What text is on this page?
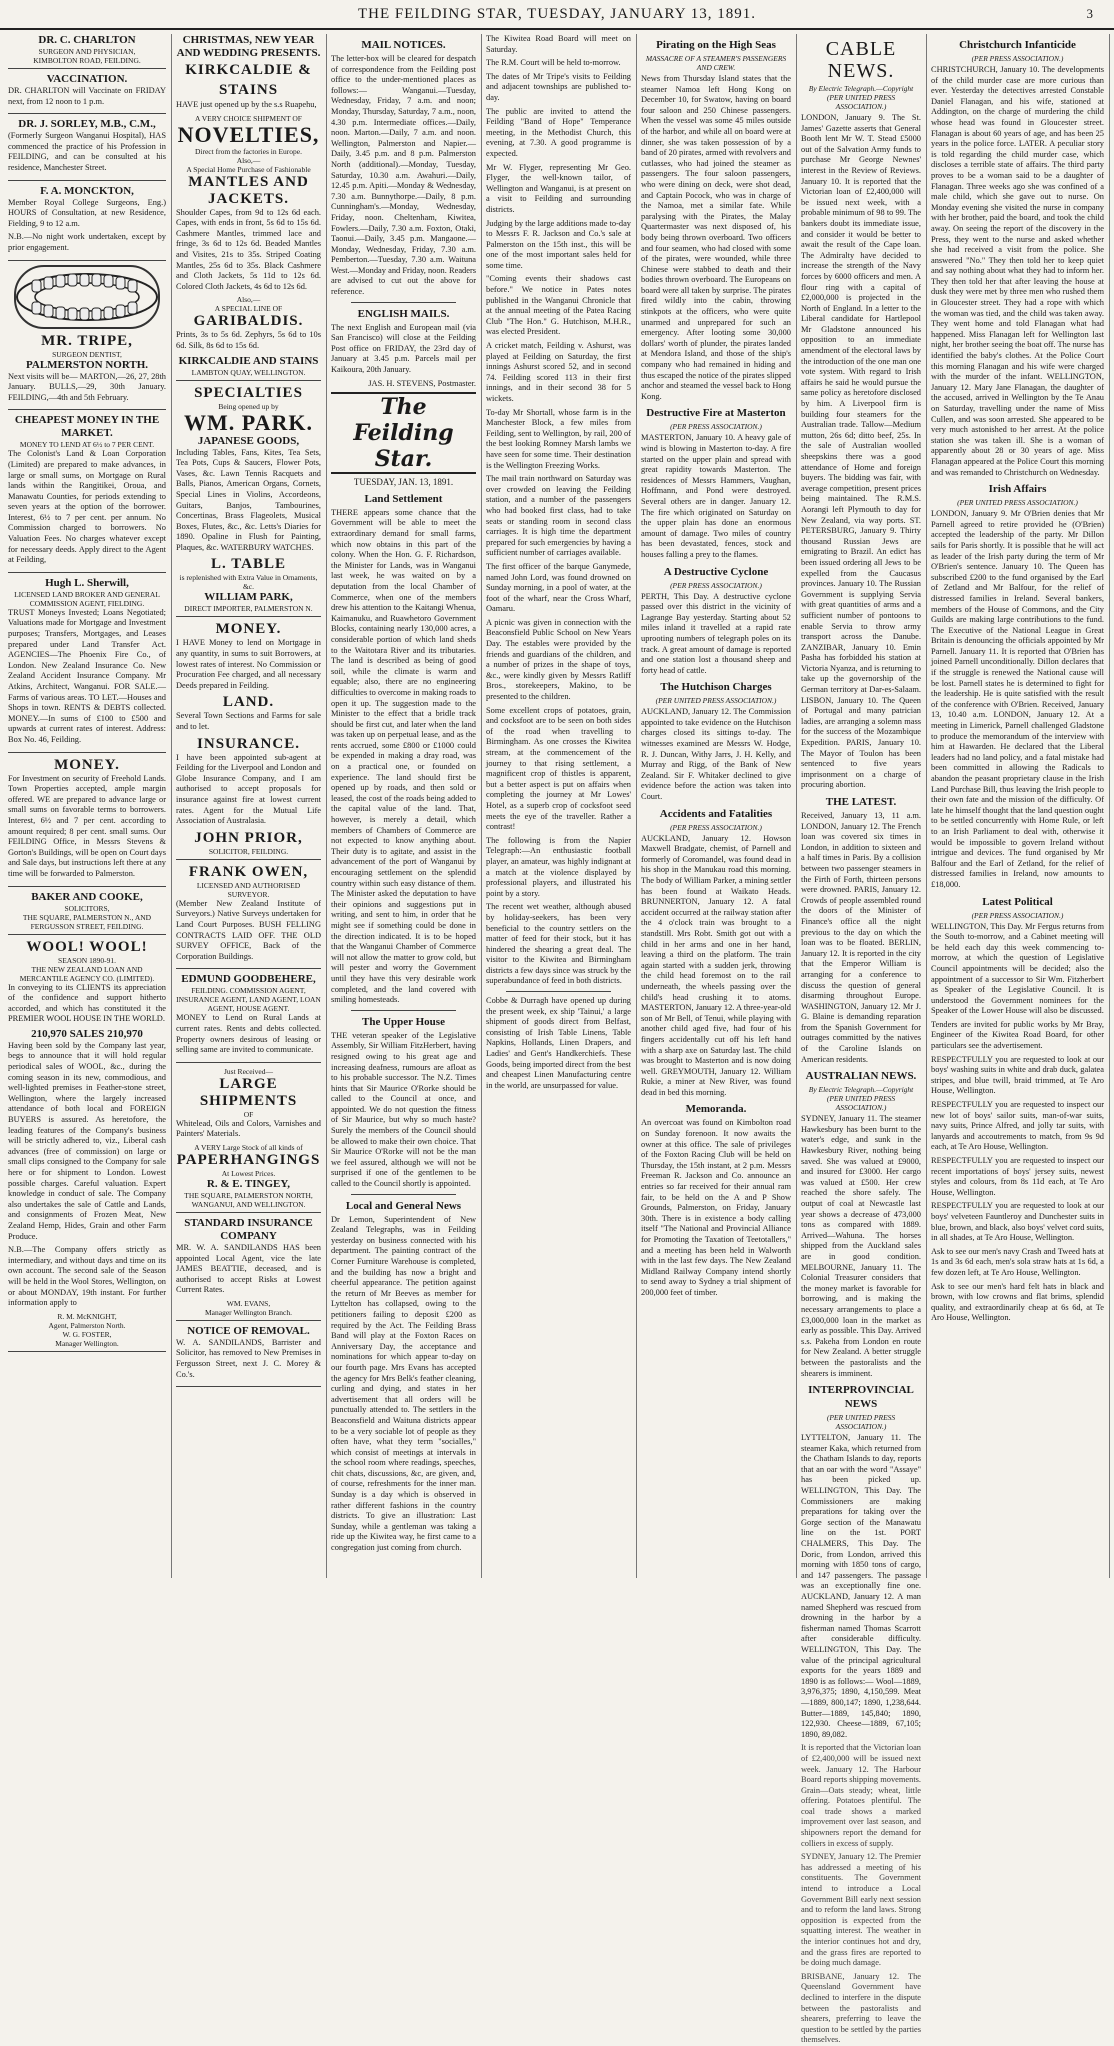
THE FEILDING STAR, TUESDAY, JANUARY 13, 1891.	3
DR. C. CHARLTON
SURGEON AND PHYSICIAN,
KIMBOLTON ROAD, FEILDING.
VACCINATION.

DR. CHARLTON will Vaccinate on FRIDAY next, from 12 noon to 1 p.m.

DR. J. SORLEY, M.B., C.M.,

(Formerly Surgeon Wanganui Hospital), HAS commenced the practice of his Profession in FEILDING, and can be consulted at his residence, Manchester Street.

F. A. MONCKTON,

Member Royal College Surgeons, Eng.) HOURS of Consultation, at new Residence, Fielding, 9 to 12 a.m.

N.B.—No night work undertaken, except by prior engagement.

MR. TRIPE,
SURGEON DENTIST,
PALMERSTON NORTH.

Next visits will be— MARTON,—26, 27, 28th January. BULLS,—29, 30th January. FEILDING,—4th and 5th February.

CHEAPEST MONEY IN THE MARKET.
MONEY TO LEND AT 6½ to 7 PER CENT.

The Colonist's Land & Loan Corporation (Limited) are prepared to make advances, in large or small sums, on Mortgage on Rural lands within the Rangitikei, Oroua, and Manawatu Counties, for periods extending to seven years at the option of the borrower. Interest, 6½ to 7 per cent. per annum. No Commission charged to borrowers. No Valuation Fees. No charges whatever except for necessary deeds. Apply direct to the Agent at Feilding,

Hugh L. Sherwill,
LICENSED LAND BROKER AND GENERAL COMMISSION AGENT, FIELDING.

TRUST Moneys Invested; Loans Negotiated; Valuations made for Mortgage and Investment purposes; Transfers, Mortgages, and Leases prepared under Land Transfer Act. AGENCIES—The Phoenix Fire Co., of London. New Zealand Insurance Co. New Zealand Accident Insurance Company. Mr Atkins, Architect, Wanganui. FOR SALE.—Farms of various areas. TO LET.—Houses and Shops in town. RENTS & DEBTS collected. MONEY.—In sums of £100 to £500 and upwards at current rates of interest. Address: Box No. 46, Feilding.

MONEY.

For Investment on security of Freehold Lands. Town Properties accepted, ample margin offered. WE are prepared to advance large or small sums on favorable terms to borrowers. Interest, 6½ and 7 per cent. according to amount required; 8 per cent. small sums. Our FEILDING Office, in Messrs Stevens & Gorton's Buildings, will be open on Court days and Sale days, but instructions left there at any time will be forwarded to Palmerston.

BAKER AND COOKE,
SOLICITORS,
THE SQUARE, PALMERSTON N., AND FERGUSSON STREET, FEILDING.
WOOL! WOOL!
SEASON 1890-91.
THE NEW ZEALAND LOAN AND MERCANTILE AGENCY CO. (LIMITED).

In conveying to its CLIENTS its appreciation of the confidence and support hitherto accorded, and which has constituted it the PREMIER WOOL HOUSE IN THE WORLD.

210,970 SALES 210,970

Having been sold by the Company last year, begs to announce that it will hold regular periodical sales of WOOL, &c., during the coming season in its new, commodious, and well-lighted premises in Feather-stone street, Wellington, where the largely increased attendance of both local and FOREIGN BUYERS is assured. As heretofore, the leading features of the Company's business will be strictly adhered to, viz., Liberal cash advances (free of commission) on large or small clips consigned to the Company for sale here or for shipment to London. Lowest possible charges. Careful valuation. Expert knowledge in conduct of sale. The Company also undertakes the sale of Cattle and Lands, and consignments of Frozen Meat, New Zealand Hemp, Hides, Grain and other Farm Produce.

N.B.—The Company offers strictly as intermediary, and without days and time on its own account. The second sale of the Season will be held in the Wool Stores, Wellington, on or about MONDAY, 19th instant. For further information apply to

R. M. McKNIGHT,
Agent, Palmerston North.
W. G. FOSTER,
Manager Wellington.
CHRISTMAS, NEW YEAR AND WEDDING PRESENTS.
KIRKCALDIE & STAINS

HAVE just opened up by the s.s Ruapehu,

A VERY CHOICE SHIPMENT OF
NOVELTIES,
Direct from the factories in Europe.
Also,—
A Special Home Purchase of Fashionable
MANTLES AND JACKETS.

Shoulder Capes, from 9d to 12s 6d each. Capes, with ends in front, 5s 6d to 15s 6d. Cashmere Mantles, trimmed lace and fringe, 3s 6d to 12s 6d. Beaded Mantles and Visites, 21s to 35s. Striped Coating Mantles, 25s 6d to 35s. Black Cashmere and Cloth Jackets, 5s 11d to 12s 6d. Colored Cloth Jackets, 4s 6d to 12s 6d.

Also,—
A SPECIAL LINE OF
GARIBALDIS.

Prints, 3s to 5s 6d. Zephyrs, 5s 6d to 10s 6d. Silk, 8s 6d to 15s 6d.

KIRKCALDIE AND STAINS
LAMBTON QUAY, WELLINGTON.
SPECIALTIES
Being opened up by
WM. PARK.
JAPANESE GOODS,

Including Tables, Fans, Kites, Tea Sets, Tea Pots, Cups & Saucers, Flower Pots, Vases, &c. Lawn Tennis Racquets and Balls, Pianos, American Organs, Cornets, Special Lines in Violins, Accordeons, Guitars, Banjos, Tambourines, Concertinas, Brass Flageolets, Musical Boxes, Flutes, &c., &c. Letts's Diaries for 1890. Opaline in Flush for Painting, Plaques, &c. WATERBURY WATCHES.

L. TABLE
is replenished with Extra Value in Ornaments, &c.
WILLIAM PARK,
DIRECT IMPORTER, PALMERSTON N.
MONEY.

I HAVE Money to lend on Mortgage in any quantity, in sums to suit Borrowers, at lowest rates of interest. No Commission or Procuration Fee charged, and all necessary Deeds prepared in Feilding.

LAND.

Several Town Sections and Farms for sale and to let.

INSURANCE.

I have been appointed sub-agent at Feilding for the Liverpool and London and Globe Insurance Company, and I am authorised to accept proposals for insurance against fire at lowest current rates. Agent for the Mutual Life Association of Australasia.

JOHN PRIOR,
SOLICITOR, FEILDING.
FRANK OWEN,
LICENSED AND AUTHORISED SURVEYOR.

(Member New Zealand Institute of Surveyors.) Native Surveys undertaken for Land Court Purposes. BUSH FELLING CONTRACTS LAID OFF. THE OLD SURVEY OFFICE, Back of the Corporation Buildings.

EDMUND GOODBEHERE,
FEILDING. COMMISSION AGENT, INSURANCE AGENT, LAND AGENT, LOAN AGENT, HOUSE AGENT.

MONEY to Lend on Rural Lands at current rates. Rents and debts collected. Property owners desirous of leasing or selling same are invited to communicate.

Just Received—
LARGE SHIPMENTS
OF

Whitelead, Oils and Colors, Varnishes and Painters' Materials.

A VERY Large Stock of all kinds of
PAPERHANGINGS
At Lowest Prices.
R. & E. TINGEY,
THE SQUARE, PALMERSTON NORTH, WANGANUI, AND WELLINGTON.
STANDARD INSURANCE COMPANY

MR. W. A. SANDILANDS HAS been appointed Local Agent, vice the late JAMES BEATTIE, deceased, and is authorised to accept Risks at Lowest Current Rates.

WM. EVANS,
Manager Wellington Branch.
NOTICE OF REMOVAL.

W. A. SANDILANDS, Barrister and Solicitor, has removed to New Premises in Fergusson Street, next J. C. Morey & Co.'s.

MAIL NOTICES.

The letter-box will be cleared for despatch of correspondence from the Feilding post office to the under-mentioned places as follows:— Wanganui.—Tuesday, Wednesday, Friday, 7 a.m. and noon; Monday, Thursday, Saturday, 7 a.m., noon, 4.30 p.m. Intermediate offices.—Daily, noon. Marton.—Daily, 7 a.m. and noon. Wellington, Palmerston and Napier.—Daily, 3.45 p.m. and 8 p.m. Palmerston North (additional).—Monday, Tuesday, Saturday, 10.30 a.m. Awahuri.—Daily, 12.45 p.m. Apiti.—Monday & Wednesday, 7.30 a.m. Bunnythorpe.—Daily, 8 p.m. Cunningham's.—Monday, Wednesday, Friday, noon. Cheltenham, Kiwitea, Fowlers.—Daily, 7.30 a.m. Foxton, Otaki, Taonui.—Daily, 3.45 p.m. Mangaone.—Monday, Wednesday, Friday, 7.30 a.m. Pemberton.—Tuesday, 7.30 a.m. Waituna West.—Monday and Friday, noon. Readers are advised to cut out the above for reference.

ENGLISH MAILS.

The next English and European mail (via San Francisco) will close at the Feilding Post office on FRIDAY, the 23rd day of January at 3.45 p.m. Parcels mail per Kaikoura, 20th January.

JAS. H. STEVENS, Postmaster.

The Feilding Star.
TUESDAY, JAN. 13, 1891.
Land Settlement

THERE appears some chance that the Government will be able to meet the extraordinary demand for small farms, which now obtains in this part of the colony. When the Hon. G. F. Richardson, the Minister for Lands, was in Wanganui last week, he was waited on by a deputation from the local Chamber of Commerce, when one of the members drew his attention to the Kaitangi Whenua, Kaimanuku, and Ruawhetoro Government Blocks, containing nearly 130,000 acres, a considerable portion of which land sheds to the Waitotara River and its tributaries. The land is described as being of good soil, while the climate is warm and equable; also, there are no engineering difficulties to overcome in making roads to open it up. The suggestion made to the Minister to the effect that a bridle track should be first cut, and later when the land was taken up on perpetual lease, and as the rents accrued, some £800 or £1000 could be expended in making a dray road, was on a practical one, or founded on experience. The land should first be opened up by roads, and then sold or leased, the cost of the roads being added to the capital value of the land. That, however, is merely a detail, which members of Chambers of Commerce are not expected to know anything about. Their duty is to agitate, and assist in the advancement of the port of Wanganui by encouraging settlement on the splendid country within such easy distance of them. The Minister asked the deputation to have their opinions and suggestions put in writing, and sent to him, in order that he might see if something could be done in the direction indicated. It is to be hoped that the Wanganui Chamber of Commerce will not allow the matter to grow cold, but will pester and worry the Government until they have this very desirable work completed, and the land covered with smiling homesteads.

The Upper House

THE veteran speaker of the Legislative Assembly, Sir William FitzHerbert, having resigned owing to his great age and increasing deafness, rumours are afloat as to his probable successor. The N.Z. Times hints that Sir Maurice O'Rorke should be called to the Council at once, and appointed. We do not question the fitness of Sir Maurice, but why so much haste? Surely the members of the Council should be allowed to make their own choice. That Sir Maurice O'Rorke will not be the man we feel assured, although we will not be surprised if one of the gentlemen to be called to the Council shortly is appointed.

Local and General News

Dr Lemon, Superintendent of New Zealand Telegraphs, was in Feilding yesterday on business connected with his department. The painting contract of the Corner Furniture Warehouse is completed, and the building has now a bright and cheerful appearance. The petition against the return of Mr Beeves as member for Lyttelton has collapsed, owing to the petitioners failing to deposit £200 as required by the Act. The Feilding Brass Band will play at the Foxton Races on Anniversary Day, the acceptance and nominations for which appear to-day on our fourth page. Mrs Evans has accepted the agency for Mrs Belk's feather cleaning, curling and dying, and states in her advertisement that all orders will be punctually attended to. The settlers in the Beaconsfield and Waituna districts appear to be a very sociable lot of people as they often have, what they term "socialles," which consist of meetings at intervals in the school room where readings, speeches, chit chats, discussions, &c, are given, and, of course, refreshments for the inner man. Sunday is a day which is observed in rather different fashions in the country districts. To give an illustration: Last Sunday, while a gentleman was taking a ride up the Kiwitea way, he first came to a congregation just coming from church.

The Kiwitea Road Board will meet on Saturday.

The R.M. Court will be held to-morrow.

The dates of Mr Tripe's visits to Feilding and adjacent townships are published to-day.

The public are invited to attend the Feilding "Band of Hope" Temperance meeting, in the Methodist Church, this evening, at 7.30. A good programme is expected.

Mr W. Flyger, representing Mr Geo. Flyger, the well-known tailor, of Wellington and Wanganui, is at present on a visit to Feilding and surrounding districts.

Judging by the large additions made to-day to Messrs F. R. Jackson and Co.'s sale at Palmerston on the 15th inst., this will be one of the most important sales held for some time.

"Coming events their shadows cast before." We notice in Pates notes published in the Wanganui Chronicle that at the annual meeting of the Patea Racing Club "The Hon." G. Hutchison, M.H.R., was elected President.

A cricket match, Feilding v. Ashurst, was played at Feilding on Saturday, the first innings Ashurst scored 52, and in second 74. Feilding scored 113 in their first innings, and in their second 38 for 5 wickets.

To-day Mr Shortall, whose farm is in the Manchester Block, a few miles from Feilding, sent to Wellington, by rail, 200 of the best looking Romney Marsh lambs we have seen for some time. Their destination is the Wellington Freezing Works.

The mail train northward on Saturday was over crowded on leaving the Feilding station, and a number of the passengers who had booked first class, had to take seats or standing room in second class carriages. It is high time the department prepared for such emergencies by having a sufficient number of carriages available.

The first officer of the barque Ganymede, named John Lord, was found drowned on Sunday morning, in a pool of water, at the foot of the wharf, near the Cross Wharf, Oamaru.

A picnic was given in connection with the Beaconsfield Public School on New Years Day. The estables were provided by the friends and guardians of the children, and a number of prizes in the shape of toys, &c., were kindly given by Messrs Ratliff Bros., storekeepers, Makino, to be presented to the children.

Some excellent crops of potatoes, grain, and cocksfoot are to be seen on both sides of the road when travelling to Birmingham. As one crosses the Kiwitea stream, at the commencement of the journey to that rising settlement, a magnificent crop of thistles is apparent, but a better aspect is put on affairs when completing the journey at Mr Lowes' Hotel, as a superb crop of cocksfoot seed meets the eye of the traveller. Rather a contrast!

The following is from the Napier Telegraph:—An enthusiastic football player, an amateur, was highly indignant at a match at the violence displayed by professional players, and illustrated his point by a story.

The recent wet weather, although abused by holiday-seekers, has been very beneficial to the country settlers on the matter of feed for their stock, but it has hindered the shearing a great deal. The visitor to the Kiwitea and Birmingham districts a few days since was struck by the superabundance of feed in both districts.

Cobbe & Durragh have opened up during the present week, ex ship 'Tainui,' a large shipment of goods direct from Belfast, consisting of Irish Table Linens, Table Napkins, Hollands, Linen Drapers, and Ladies' and Gent's Handkerchiefs. These Goods, being imported direct from the best and cheapest Linen Manufacturing centre in the world, are unsurpassed for value.

Pirating on the High Seas
MASSACRE OF A STEAMER'S PASSENGERS AND CREW.

News from Thursday Island states that the steamer Namoa left Hong Kong on December 10, for Swatow, having on board four saloon and 250 Chinese passengers. When the vessel was some 45 miles outside of the harbor, and while all on board were at dinner, she was taken possession of by a band of 20 pirates, armed with revolvers and cutlasses, who had joined the steamer as passengers. The four saloon passengers, who were dining on deck, were shot dead, and Captain Pocock, who was in charge of the Namoa, met a similar fate. While paralysing with the Pirates, the Malay Quartermaster was next disposed of, his body being thrown overboard. Two officers and four seamen, who had closed with some of the pirates, were wounded, while three Chinese were stabbed to death and their bodies thrown overboard. The Europeans on board were all taken by surprise. The pirates fired wildly into the cabin, throwing stinkpots at the officers, who were quite unarmed and unprepared for such an emergency. After looting some 30,000 dollars' worth of plunder, the pirates landed at Mendora Island, and those of the ship's company who had remained in hiding and thus escaped the notice of the pirates slipped anchor and steamed the vessel back to Hong Kong.

Destructive Fire at Masterton
(PER PRESS ASSOCIATION.)

MASTERTON, January 10. A heavy gale of wind is blowing in Masterton to-day. A fire started on the upper plain and spread with great rapidity towards Masterton. The residences of Messrs Hammers, Vaughan, Hoffmann, and Pond were destroyed. Several others are in danger. January 12. The fire which originated on Saturday on the upper plain has done an enormous amount of damage. Two miles of country has been devastated, fences, stock and houses falling a prey to the flames.

A Destructive Cyclone
(PER PRESS ASSOCIATION.)

PERTH, This Day. A destructive cyclone passed over this district in the vicinity of Lagrange Bay yesterday. Starting about 52 miles inland it travelled at a rapid rate uprooting numbers of telegraph poles on its track. A great amount of damage is reported and one station lost a thousand sheep and forty head of cattle.

The Hutchison Charges
(PER UNITED PRESS ASSOCIATION.)

AUCKLAND, January 12. The Commission appointed to take evidence on the Hutchison charges closed its sittings to-day. The witnesses examined are Messrs W. Hodge, R. J. Duncan, Withy Jarrs, J. H. Kelly, and Murray and Rigg, of the Bank of New Zealand. Sir F. Whitaker declined to give evidence before the action was taken into Court.

Accidents and Fatalities
(PER PRESS ASSOCIATION.)

AUCKLAND, January 12. Howson Maxwell Bradgate, chemist, of Parnell and formerly of Coromandel, was found dead in his shop in the Manukau road this morning. The body of William Parker, a mining settler has been found at Waikato Heads. BRUNNERTON, January 12. A fatal accident occurred at the railway station after the 4 o'clock train was brought to a standstill. Mrs Robt. Smith got out with a child in her arms and one in her hand, leaving a third on the platform. The train again started with a sudden jerk, throwing the child head foremost on to the rail underneath, the wheels passing over the child's head crushing it to atoms. MASTERTON, January 12. A three-year-old son of Mr Bell, of Tenui, while playing with another child aged five, had four of his fingers accidentally cut off his left hand with a sharp axe on Saturday last. The child was brought to Masterton and is now doing well. GREYMOUTH, January 12. William Rukie, a miner at New River, was found dead in bed this morning.

Memoranda.

An overcoat was found on Kimbolton road on Sunday forenoon. It now awaits the owner at this office. The sale of privileges of the Foxton Racing Club will be held on Thursday, the 15th instant, at 2 p.m. Messrs Freeman R. Jackson and Co. announce an entries so far received for their annual ram fair, to be held on the A and P Show Grounds, Palmerston, on Friday, January 30th. There is in existence a body calling itself "The National and Provincial Alliance for Promoting the Taxation of Teetotallers," and a meeting has been held in Walworth with in the last few days. The New Zealand Midland Railway Company intend shortly to send away to Sydney a trial shipment of 200,000 feet of timber.

CABLE NEWS.
By Electric Telegraph.—Copyright (PER UNITED PRESS ASSOCIATION.)

LONDON, January 9. The St. James' Gazette asserts that General Booth lent Mr W. T. Stead £5000 out of the Salvation Army funds to purchase Mr George Newnes' interest in the Review of Reviews. January 10. It is reported that the Victorian loan of £2,400,000 will be issued next week, with a probable minimum of 98 to 99. The bankers doubt its immediate issue, and consider it would be better to await the result of the Cape loan. The Admiralty have decided to increase the strength of the Navy forces by 6000 officers and men. A flour ring with a capital of £2,000,000 is projected in the North of England. In a letter to the Liberal candidate for Hartlepool Mr Gladstone announced his opposition to an immediate amendment of the electoral laws by the introduction of the one man one vote system. With regard to Irish affairs he said he would pursue the same policy as heretofore disclosed by him. A Liverpool firm is building four steamers for the Australian trade. Tallow—Medium mutton, 26s 6d; ditto beef, 25s. In the sale of Australian woolled sheepskins there was a good attendance of Home and foreign buyers. The bidding was fair, with average competition, present prices being maintained. The R.M.S. Aorangi left Plymouth to day for New Zealand, via way ports. ST. PETERSBURG, January 9. Thirty thousand Russian Jews are emigrating to Brazil. An edict has been issued ordering all Jews to be expelled from the Caucasus provinces. January 10. The Russian Government is supplying Servia with great quantities of arms and a sufficient number of pontoons to enable Servia to throw army transport across the Danube. ZANZIBAR, January 10. Emin Pasha has forbidded his station at Victoria Nyanza, and is returning to take up the governorship of the German territory at Dar-es-Salaam. LISBON, January 10. The Queen of Portugal and many patrician ladies, are arranging a solemn mass for the success of the Mozambique Expedition. PARIS, January 10. The Mayor of Toulon has been sentenced to five years imprisonment on a charge of procuring abortion.

THE LATEST.

Received, January 13, 11 a.m. LONDON, January 12. The French loan was covered six times in London, in addition to sixteen and a half times in Paris. By a collision between two passenger steamers in the Firth of Forth, thirteen persons were drowned. PARIS, January 12. Crowds of people assembled round the doors of the Minister of Finance's office all the night previous to the day on which the loan was to be floated. BERLIN, January 12. It is reported in the city that the Emperor William is arranging for a conference to discuss the question of general disarming throughout Europe. WASHINGTON, January 12. Mr J. G. Blaine is demanding reparation from the Spanish Government for outrages committed by the natives of the Caroline Islands on American residents.

AUSTRALIAN NEWS.
By Electric Telegraph.—Copyright (PER UNITED PRESS ASSOCIATION.)

SYDNEY, January 11. The steamer Hawkesbury has been burnt to the water's edge, and sunk in the Hawkesbury River, nothing being saved. She was valued at £9000, and insured for £3000. Her cargo was valued at £500. Her crew reached the shore safely. The output of coal at Newcastle last year shows a decrease of 473,000 tons as compared with 1889. Arrived—Wahuna. The horses shipped from the Auckland sales are in good condition. MELBOURNE, January 11. The Colonial Treasurer considers that the money market is favorable for borrowing, and is making the necessary arrangements to place a £3,000,000 loan in the market as early as possible. This Day. Arrived s.s. Pakeha from London en route for New Zealand. A better struggle between the pastoralists and the shearers is imminent.

INTERPROVINCIAL NEWS
(PER UNITED PRESS ASSOCIATION.)

LYTTELTON, January 11. The steamer Kaka, which returned from the Chatham Islands to day, reports that an oar with the word "Assaye" has been picked up. WELLINGTON, This Day. The Commissioners are making preparations for taking over the Gorge section of the Manawatu line on the 1st. PORT CHALMERS, This Day. The Doric, from London, arrived this morning with 1850 tons of cargo, and 147 passengers. The passage was an exceptionally fine one. AUCKLAND, January 12. A man named Shepherd was rescued from drowning in the harbor by a fisherman named Thomas Scarrott after considerable difficulty. WELLINGTON, This Day. The value of the principal agricultural exports for the years 1889 and 1890 is as follows:— Wool—1889, 3,976,375; 1890, 4,150,599. Meat—1889, 800,147; 1890, 1,238,644. Butter—1889, 145,840; 1890, 122,930. Cheese—1889, 67,105; 1890, 89,082.

It is reported that the Victorian loan of £2,400,000 will be issued next week. January 12. The Harbour Board reports shipping movements. Grain—Oats steady; wheat, little offering. Potatoes plentiful. The coal trade shows a marked improvement over last season, and shipowners report the demand for colliers in excess of supply.

SYDNEY, January 12. The Premier has addressed a meeting of his constituents. The Government intend to introduce a Local Government Bill early next session and to reform the land laws. Strong opposition is expected from the squatting interest. The weather in the interior continues hot and dry, and the grass fires are reported to be doing much damage.

BRISBANE, January 12. The Queensland Government have declined to interfere in the dispute between the pastoralists and shearers, preferring to leave the question to be settled by the parties themselves.

Christchurch Infanticide
(PER PRESS ASSOCIATION.)

CHRISTCHURCH, January 10. The developments of the child murder case are more curious than ever. Yesterday the detectives arrested Constable Daniel Flanagan, and his wife, stationed at Addington, on the charge of murdering the child whose head was found in Gloucester street. Flanagan is about 60 years of age, and has been 25 years in the police force. LATER. A peculiar story is told regarding the child murder case, which discloses a terrible state of affairs. The third party proves to be a woman said to be a daughter of Flanagan. Three weeks ago she was confined of a male child, which she gave out to nurse. On Monday evening she visited the nurse in company with her brother, paid the board, and took the child away. On seeing the report of the discovery in the Press, they went to the nurse and asked whether she had received a visit from the police. She answered "No." They then told her to keep quiet and say nothing about what they had to inform her. They then told her that after leaving the house at dusk they were met by three men who rushed them in Gloucester street. They had a rope with which the woman was tied, and the child was taken away. They went home and told Flanagan what had happened. Miss Flanagan left for Wellington last night, her brother seeing the boat off. The nurse has identified the baby's clothes. At the Police Court this morning Flanagan and his wife were charged with the murder of the infant. WELLINGTON, January 12. Mary Jane Flanagan, the daughter of the accused, arrived in Wellington by the Te Anau on Saturday, travelling under the name of Miss Cullen, and was soon arrested. She appeared to be very much astonished to her arrest. At the police station she was taken ill. She is a woman of apparently about 28 or 30 years of age. Miss Flanagan appeared at the Police Court this morning and was remanded to Christchurch on Wednesday.

Irish Affairs
(PER UNITED PRESS ASSOCIATION.)

LONDON, January 9. Mr O'Brien denies that Mr Parnell agreed to retire provided he (O'Brien) accepted the leadership of the party. Mr Dillon sails for Paris shortly. It is possible that he will act as leader of the Irish party during the term of Mr O'Brien's sentence. January 10. The Queen has subscribed £200 to the fund organised by the Earl of Zetland and Mr Balfour, for the relief of distressed families in Ireland. Several bankers, members of the House of Commons, and the City Guilds are making large contributions to the fund. The Executive of the National League in Great Britain is denouncing the officials appointed by Mr Parnell. January 11. It is reported that O'Brien has joined Parnell unconditionally. Dillon declares that if the struggle is renewed the National cause will be lost. Parnell states he is determined to fight for the leadership. He is quite satisfied with the result of the conference with O'Brien. Received, January 13, 10.40 a.m. LONDON, January 12. At a meeting in Limerick, Parnell challenged Gladstone to produce the memorandum of the interview with him at Hawarden. He declared that the Liberal leaders had no land policy, and a fatal mistake had been committed in allowing the Radicals to abandon the peasant proprietary clause in the Irish Land Purchase Bill, thus leaving the Irish people to their own fate and the mission of the difficulty. Of late he himself thought that the land question ought to be settled concurrently with Home Rule, or left to an Irish Parliament to deal with, otherwise it would be impossible to govern Ireland without intrigue and devices. The fund organised by Mr Balfour and the Earl of Zetland, for the relief of distressed families in Ireland, now amounts to £18,000.

Latest Political
(PER PRESS ASSOCIATION.)

WELLINGTON, This Day. Mr Fergus returns from the South to-morrow, and a Cabinet meeting will be held each day this week commencing to-morrow, at which the question of Legislative Council appointments will be decided; also the appointment of a successor to Sir Wm. Fitzherbert as Speaker of the Legislative Council. It is understood the Government nominees for the Speaker of the Lower House will also be discussed.

Tenders are invited for public works by Mr Bray, Engineer of the Kiwitea Road Board, for other particulars see the advertisement.

RESPECTFULLY you are requested to look at our boys' washing suits in white and drab duck, galatea stripes, and blue twill, braid trimmed, at Te Aro House, Wellington.

RESPECTFULLY you are requested to inspect our new lot of boys' sailor suits, man-of-war suits, navy suits, Prince Alfred, and jolly tar suits, with lanyards and accoutrements to match, from 9s 9d each, at Te Aro House, Wellington.

RESPECTFULLY you are requested to inspect our recent importations of boys' jersey suits, newest styles and colours, from 8s 11d each, at Te Aro House, Wellington.

RESPECTFULLY you are requested to look at our boys' velveteen Fauntleroy and Dunchester suits in blue, brown, and black, also boys' velvet cord suits, in all shades, at Te Aro House, Wellington.

Ask to see our men's navy Crash and Tweed hats at 1s and 3s 6d each, men's sola straw hats at 1s 6d, a few dozen left, at Te Aro House, Wellington.

Ask to see our men's hard felt hats in black and brown, with low crowns and flat brims, splendid quality, and extraordinarily cheap at 6s 6d, at Te Aro House, Wellington.
